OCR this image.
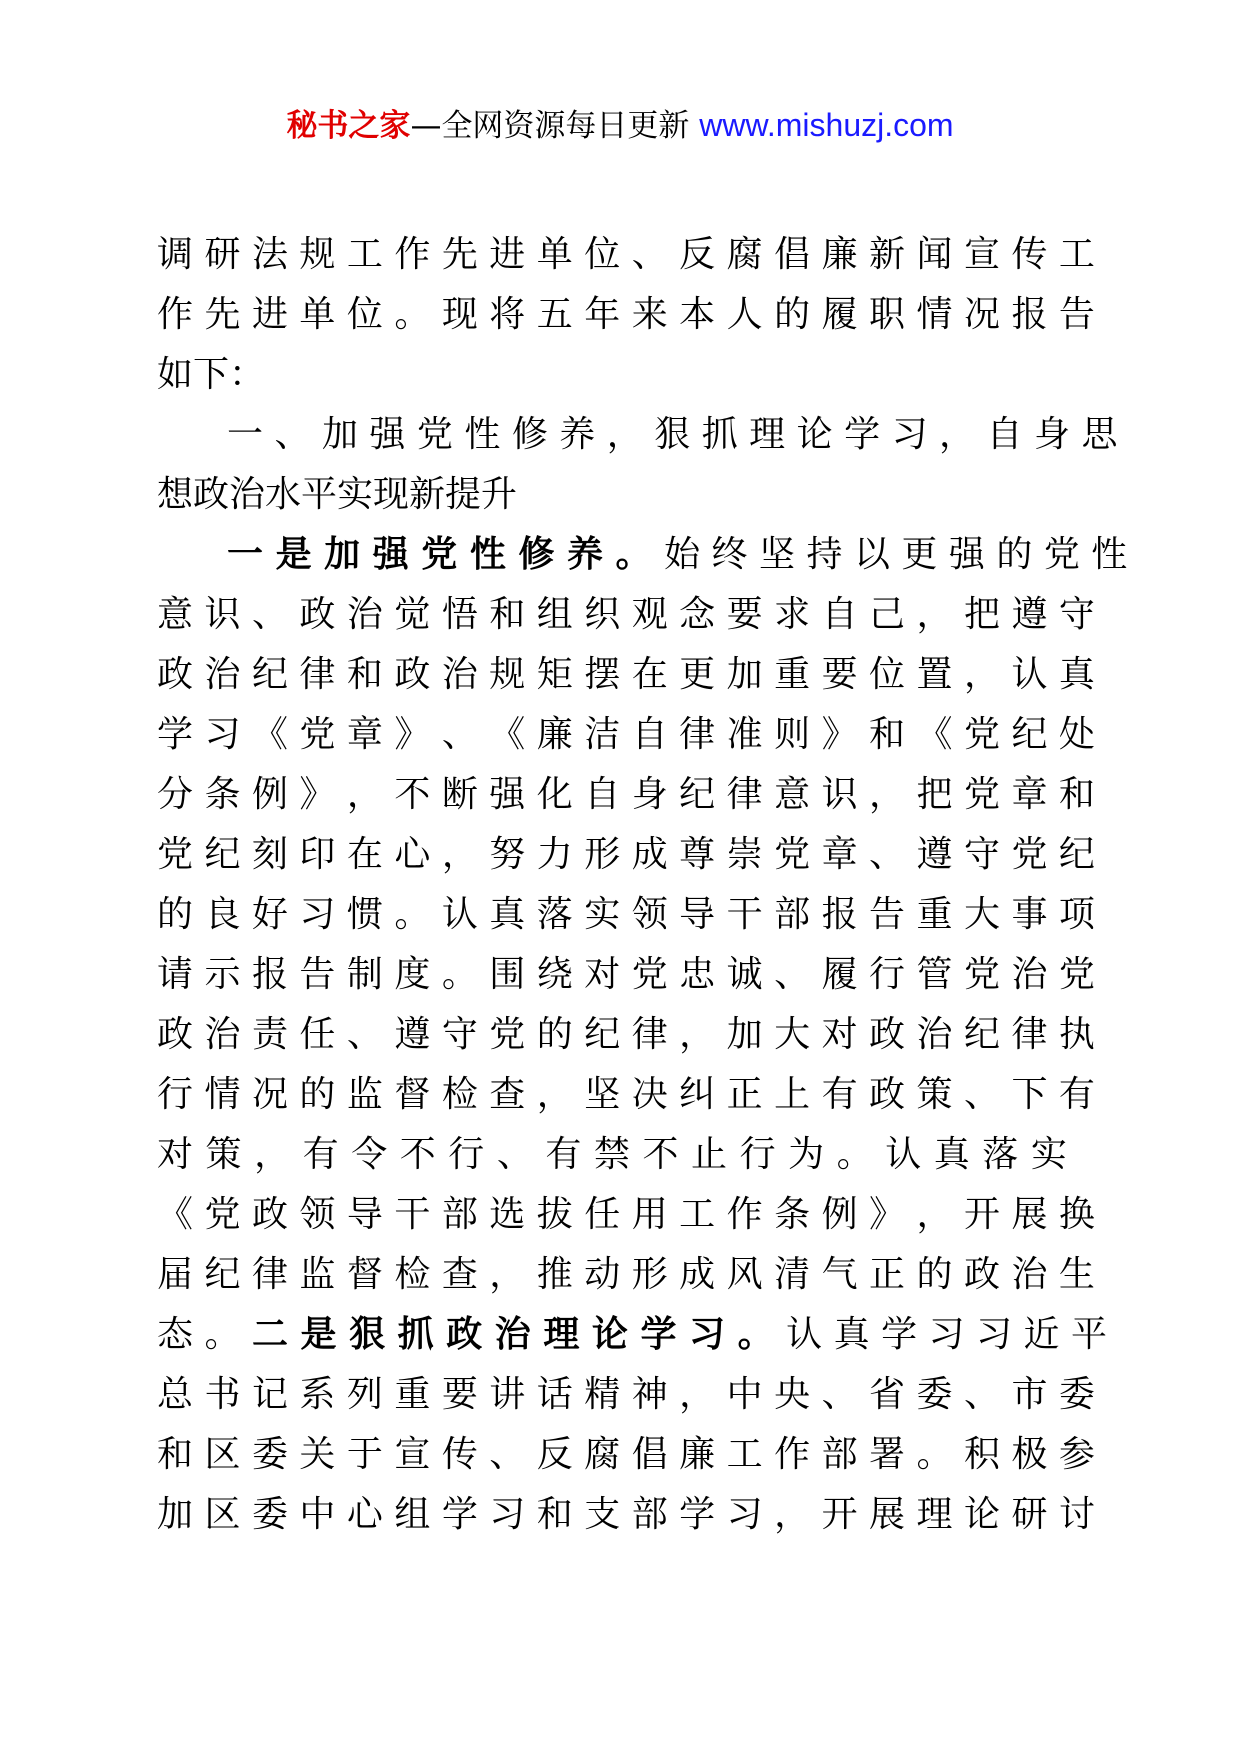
秘书之家—全网资源每日更新 www.mishuzj.com
调 研 法 规 工 作 先 进 单 位 、 反 腐 倡 廉 新 闻 宣 传 工
作 先 进 单 位 。 现 将 五 年 来 本 人 的 履 职 情 况 报 告
如下：
一 、 加 强 党 性 修 养 ， 狠 抓 理 论 学 习 ， 自 身 思
想政治水平实现新提升
一 是 加 强 党 性 修 养 。 始 终 坚 持 以 更 强 的 党 性
意 识 、 政 治 觉 悟 和 组 织 观 念 要 求 自 己 ， 把 遵 守
政 治 纪 律 和 政 治 规 矩 摆 在 更 加 重 要 位 置 ， 认 真
学 习 《 党 章 》 、 《 廉 洁 自 律 准 则 》 和 《 党 纪 处
分 条 例 》 ， 不 断 强 化 自 身 纪 律 意 识 ， 把 党 章 和
党 纪 刻 印 在 心 ， 努 力 形 成 尊 崇 党 章 、 遵 守 党 纪
的 良 好 习 惯 。 认 真 落 实 领 导 干 部 报 告 重 大 事 项
请 示 报 告 制 度 。 围 绕 对 党 忠 诚 、 履 行 管 党 治 党
政 治 责 任 、 遵 守 党 的 纪 律 ， 加 大 对 政 治 纪 律 执
行 情 况 的 监 督 检 查 ， 坚 决 纠 正 上 有 政 策 、 下 有
对 策 ， 有 令 不 行 、 有 禁 不 止 行 为 。 认 真 落 实
《 党 政 领 导 干 部 选 拔 任 用 工 作 条 例 》 ， 开 展 换
届 纪 律 监 督 检 查 ， 推 动 形 成 风 清 气 正 的 政 治 生
态 。 二 是 狠 抓 政 治 理 论 学 习 。 认 真 学 习 习 近 平
总 书 记 系 列 重 要 讲 话 精 神 ， 中 央 、 省 委 、 市 委
和 区 委 关 于 宣 传 、 反 腐 倡 廉 工 作 部 署 。 积 极 参
加 区 委 中 心 组 学 习 和 支 部 学 习 ， 开 展 理 论 研 讨
